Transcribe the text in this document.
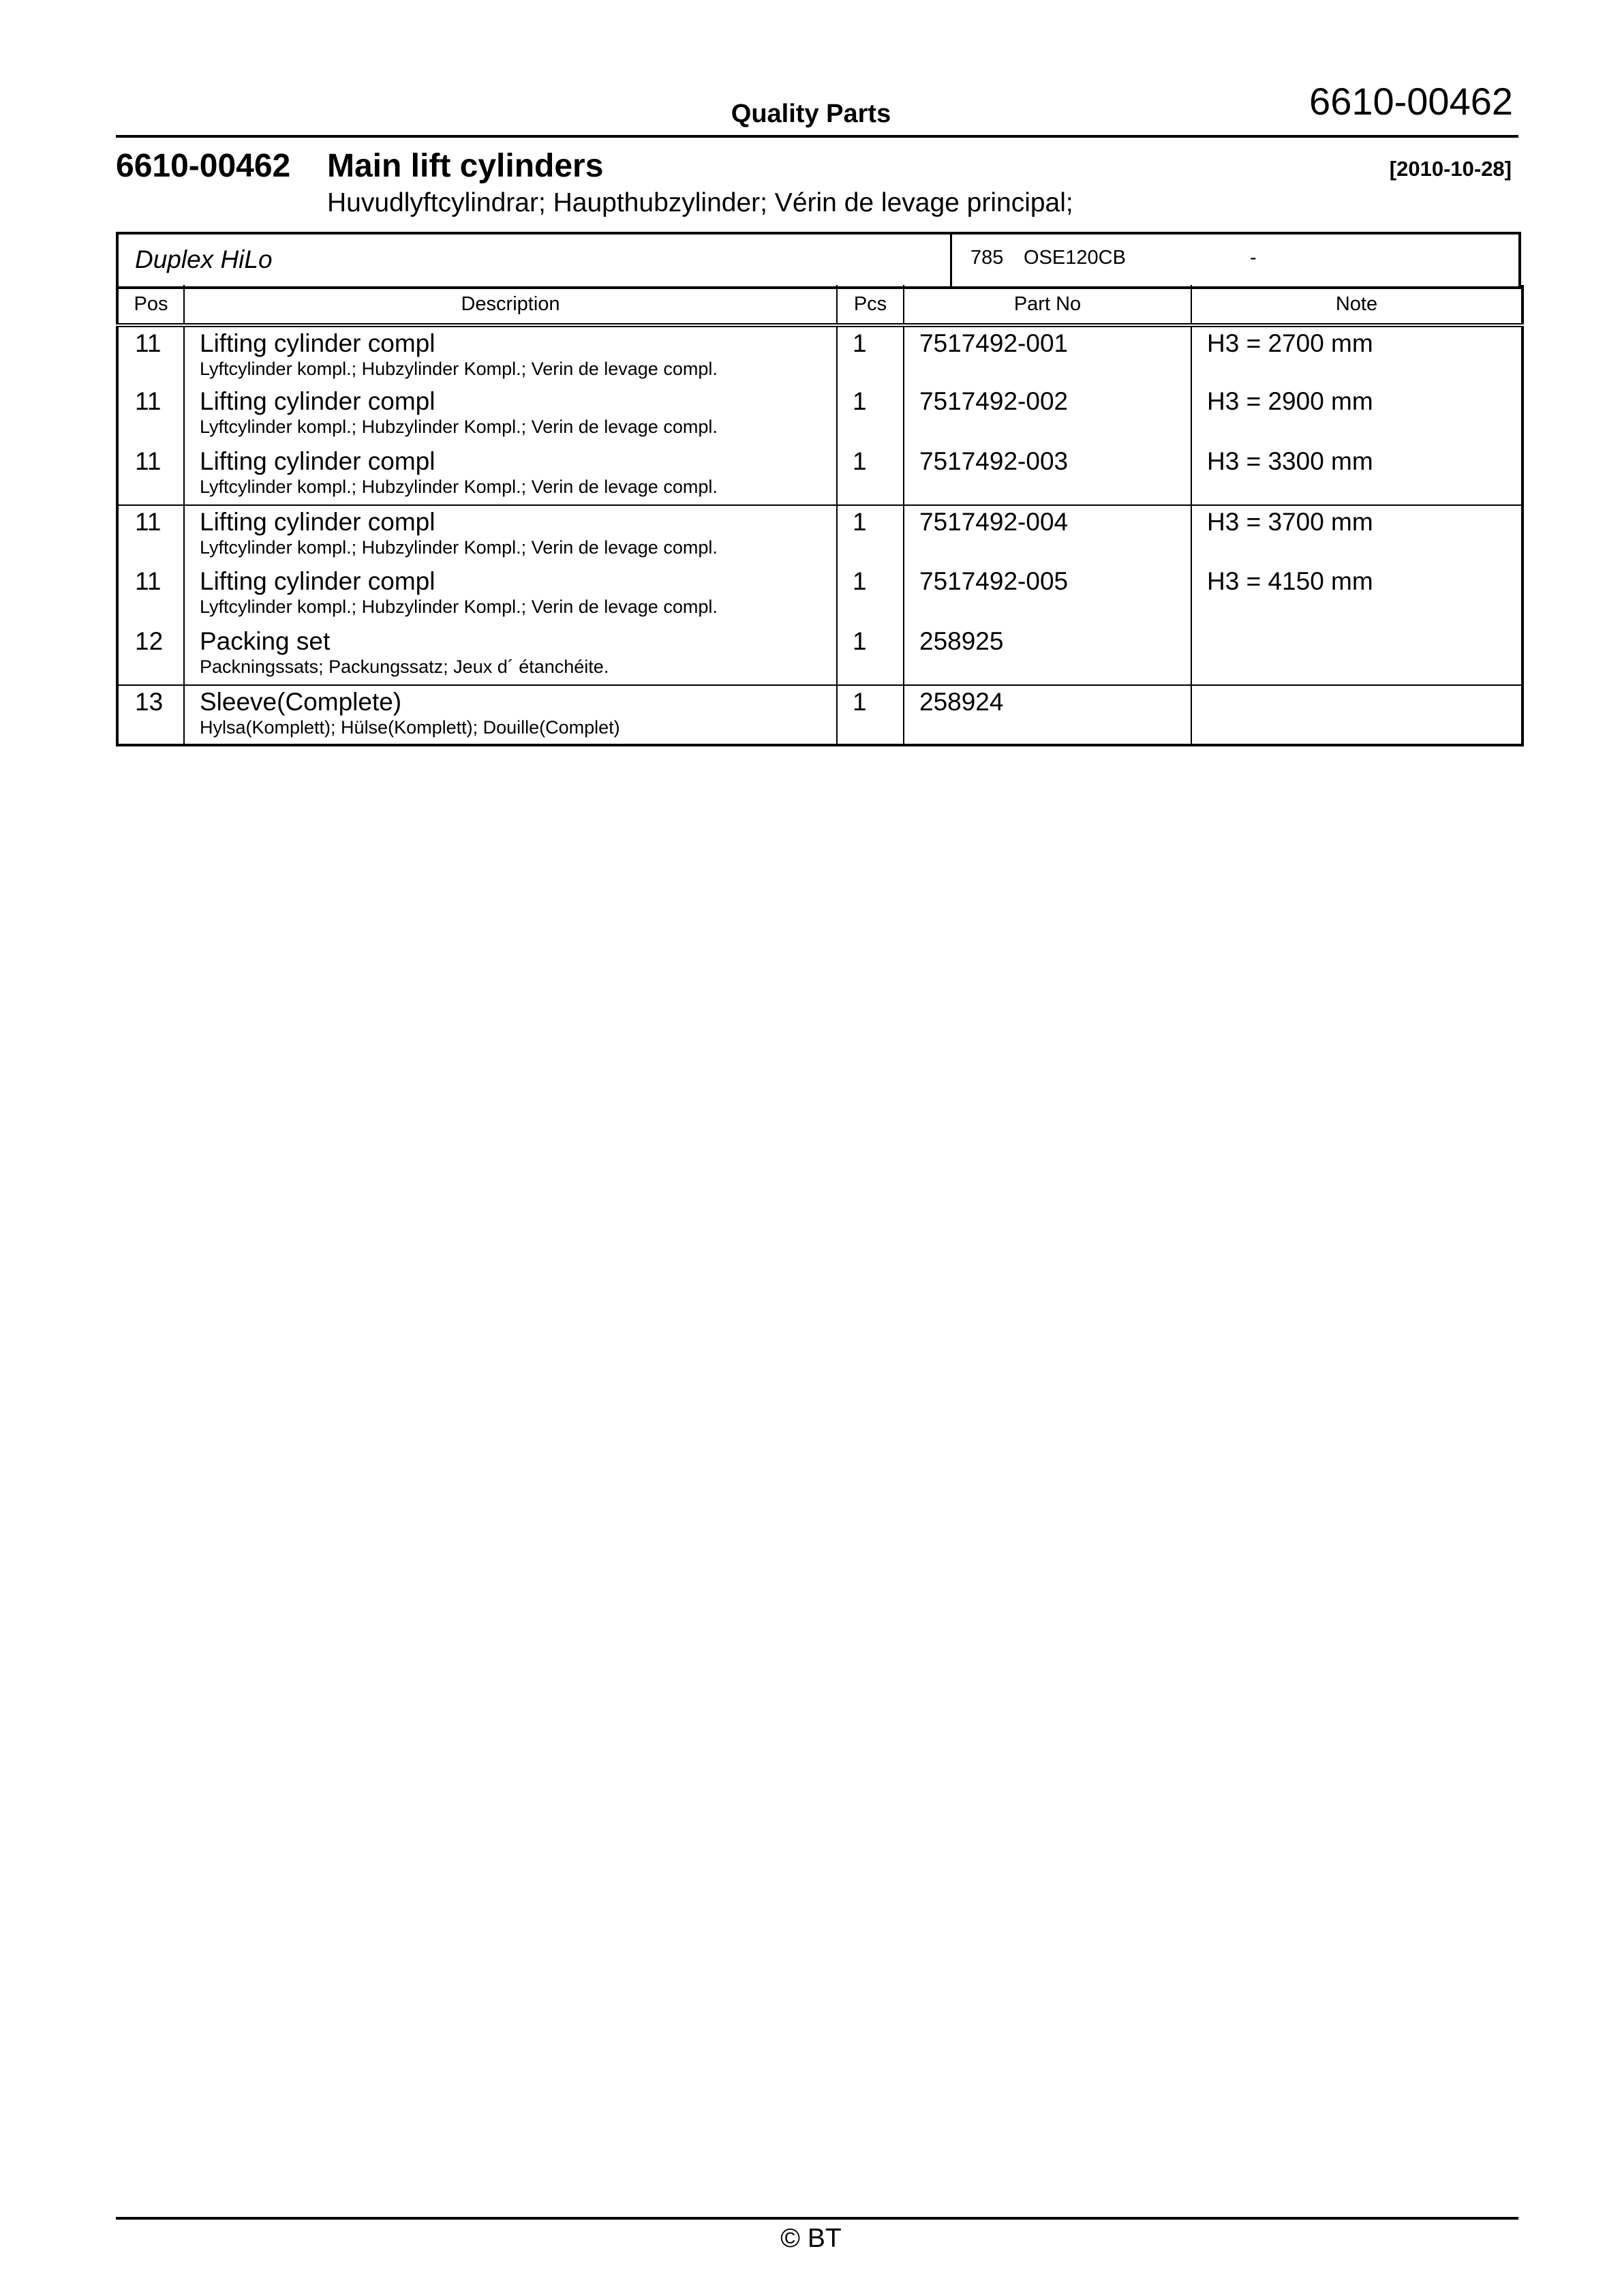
Quality Parts	6610-00462
6610-00462 Main lift cylinders	[2010-10-28]
Huvudlyftcylindrar; Haupthubzylinder; Vérin de levage principal;
Duplex HiLo	785 OSE120CB	-
Pos	Description	Pcs	Part No	Note

11	Lifting cylinder compl
Lyftcylinder kompl.; Hubzylinder Kompl.; Verin de levage compl.	1	7517492-001	H3 = 2700 mm

11	Lifting cylinder compl
Lyftcylinder kompl.; Hubzylinder Kompl.; Verin de levage compl.	1	7517492-002	H3 = 2900 mm

11	Lifting cylinder compl
Lyftcylinder kompl.; Hubzylinder Kompl.; Verin de levage compl.	1	7517492-003	H3 = 3300 mm

11	Lifting cylinder compl
Lyftcylinder kompl.; Hubzylinder Kompl.; Verin de levage compl.	1	7517492-004	H3 = 3700 mm

11	Lifting cylinder compl
Lyftcylinder kompl.; Hubzylinder Kompl.; Verin de levage compl.	1	7517492-005	H3 = 4150 mm

12	Packing set
Packningssats; Packungssatz; Jeux d´ étanchéite.	1	258925	

13	Sleeve(Complete)
Hylsa(Komplett); Hülse(Komplett); Douille(Complet)	1	258924	

© BT
